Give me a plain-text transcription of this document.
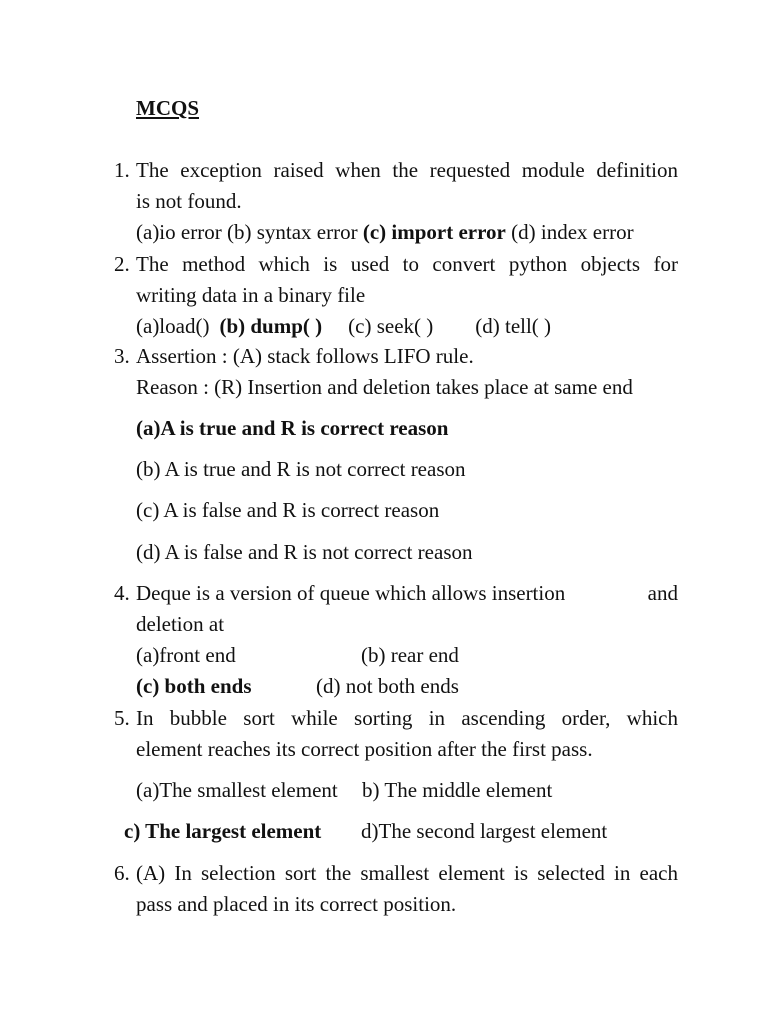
MCQS
1. The exception raised when the requested module definition
is not found.
(a)io error (b) syntax error (c) import error (d) index error
2. The method which is used to convert python objects for
writing data in a binary file
(a)load() (b) dump( ) (c) seek( ) (d) tell( )
3. Assertion : (A) stack follows LIFO rule.
Reason : (R) Insertion and deletion takes place at same end
(a)A is true and R is correct reason
(b) A is true and R is not correct reason
(c) A is false and R is correct reason
(d) A is false and R is not correct reason
4. Deque is a version of queue which allows insertion	and
deletion at
(a)front end	(b) rear end
(c) both ends	(d) not both ends
5. In bubble sort while sorting in ascending order, which
element reaches its correct position after the first pass.
(a)The smallest element b) The middle element
c) The largest element d)The second largest element
6. (A) In selection sort the smallest element is selected in each
pass and placed in its correct position.
